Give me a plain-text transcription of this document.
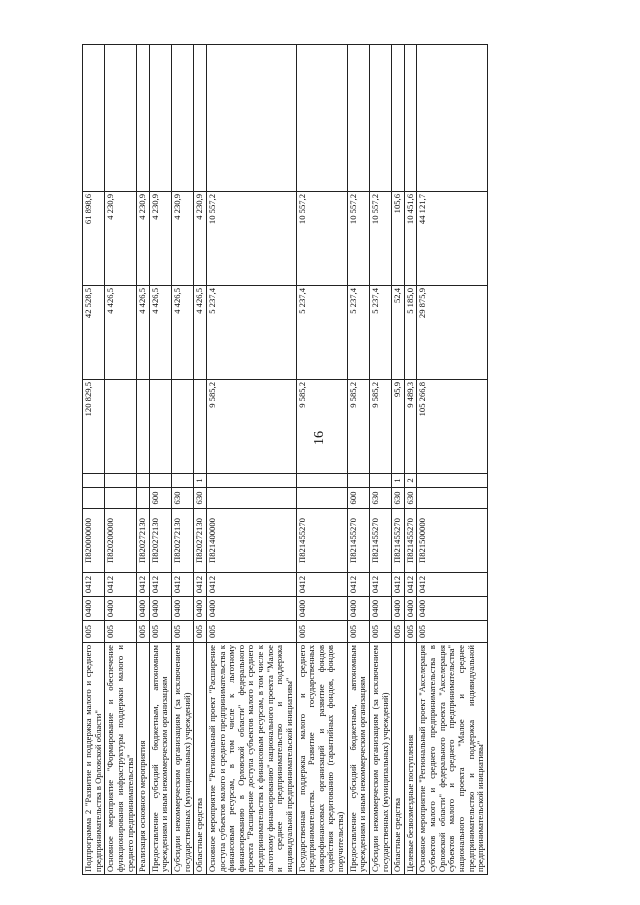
16
Подпрограмма 2 "Развитие и поддержка малого и среднего предпринимательства в Орловской области"	005	0400	0412	П820000000			120 829,5	42 528,5	61 898,6	
Основное мероприятие "Формирование и обеспечение функционирования инфраструктуры поддержки малого и среднего предпринимательства"	005	0400	0412	П820200000				4 426,5	4 230,9	
Реализация основного мероприятия	005	0400	0412	П820272130				4 426,5	4 230,9	
Предоставление субсидий бюджетным, автономным учреждениям и иным некоммерческим организациям	005	0400	0412	П820272130	600			4 426,5	4 230,9	
Субсидии некоммерческим организациям (за исключением государственных (муниципальных) учреждений)	005	0400	0412	П820272130	630			4 426,5	4 230,9	
Областные средства	005	0400	0412	П820272130	630	1		4 426,5	4 230,9	
Основное мероприятие "Региональный проект "Расширение доступа субъектов малого и среднего предпринимательства к финансовым ресурсам, в том числе к льготному финансированию в Орловской области" федерального проекта "Расширение доступа субъектов малого и среднего предпринимательства к финансовым ресурсам, в том числе к льготному финансированию" национального проекта "Малое и среднее предпринимательство и поддержка индивидуальной предпринимательской инициативы"	005	0400	0412	П821400000			9 585,2	5 237,4	10 557,2	
Государственная поддержка малого и среднего предпринимательства. Развитие государственных микрофинансовых организаций и развитие фондов содействия кредитованию (гарантийных фондов, фондов поручительства)	005	0400	0412	П821455270			9 585,2	5 237,4	10 557,2	
Предоставление субсидий бюджетным, автономным учреждениям и иным некоммерческим организациям	005	0400	0412	П821455270	600		9 585,2	5 237,4	10 557,2	
Субсидии некоммерческим организациям (за исключением государственных (муниципальных) учреждений)	005	0400	0412	П821455270	630		9 585,2	5 237,4	10 557,2	
Областные средства	005	0400	0412	П821455270	630	1	95,9	52,4	105,6	
Целевые безвозмездные поступления	005	0400	0412	П821455270	630	2	9 489,3	5 185,0	10 451,6	
Основное мероприятие "Региональный проект "Акселерация субъектов малого и среднего предпринимательства в Орловской области" федерального проекта "Акселерация субъектов малого и среднего предпринимательства" национального проекта "Малое и среднее предпринимательство и поддержка индивидуальной предпринимательской инициативы"	005	0400	0412	П821500000			105 266,8	29 875,9	44 121,7	
